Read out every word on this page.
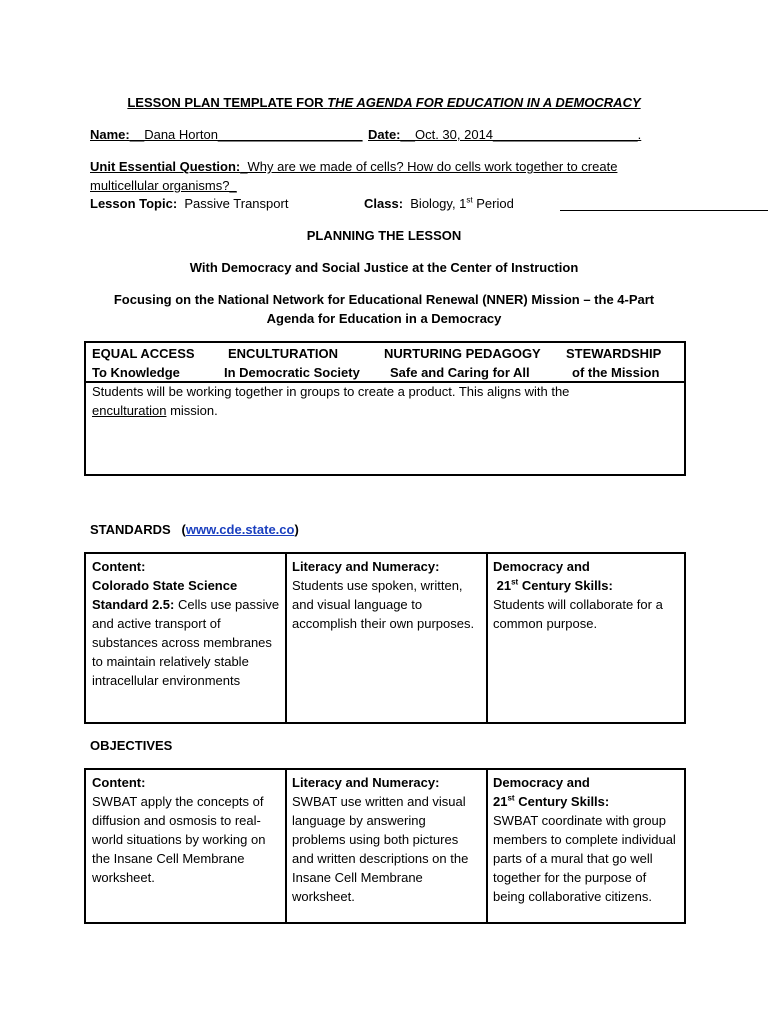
LESSON PLAN TEMPLATE FOR THE AGENDA FOR EDUCATION IN A DEMOCRACY
Name:__Dana Horton____________________ Date:__Oct. 30, 2014____________________.
Unit Essential Question:_Why are we made of cells? How do cells work together to create
multicellular organisms?_
Lesson Topic: Passive Transport	Class: Biology, 1st Period
PLANNING THE LESSON
With Democracy and Social Justice at the Center of Instruction
Focusing on the National Network for Educational Renewal (NNER) Mission – the 4-Part
Agenda for Education in a Democracy
EQUAL ACCESS
To Knowledge
ENCULTURATION
In Democratic Society
NURTURING PEDAGOGY
Safe and Caring for All
STEWARDSHIP
of the Mission
Students will be working together in groups to create a product. This aligns with the
enculturation mission.
STANDARDS (www.cde.state.co)
Content:
Colorado State Science Standard 2.5: Cells use passive and active transport of substances across membranes to maintain relatively stable intracellular environments
Literacy and Numeracy:
Students use spoken, written, and visual language to accomplish their own purposes.
Democracy and
21st Century Skills:
Students will collaborate for a common purpose.
OBJECTIVES
Content:
SWBAT apply the concepts of diffusion and osmosis to real-world situations by working on the Insane Cell Membrane worksheet.
Literacy and Numeracy:
SWBAT use written and visual language by answering problems using both pictures and written descriptions on the Insane Cell Membrane worksheet.
Democracy and
21st Century Skills:
SWBAT coordinate with group members to complete individual parts of a mural that go well together for the purpose of being collaborative citizens.
